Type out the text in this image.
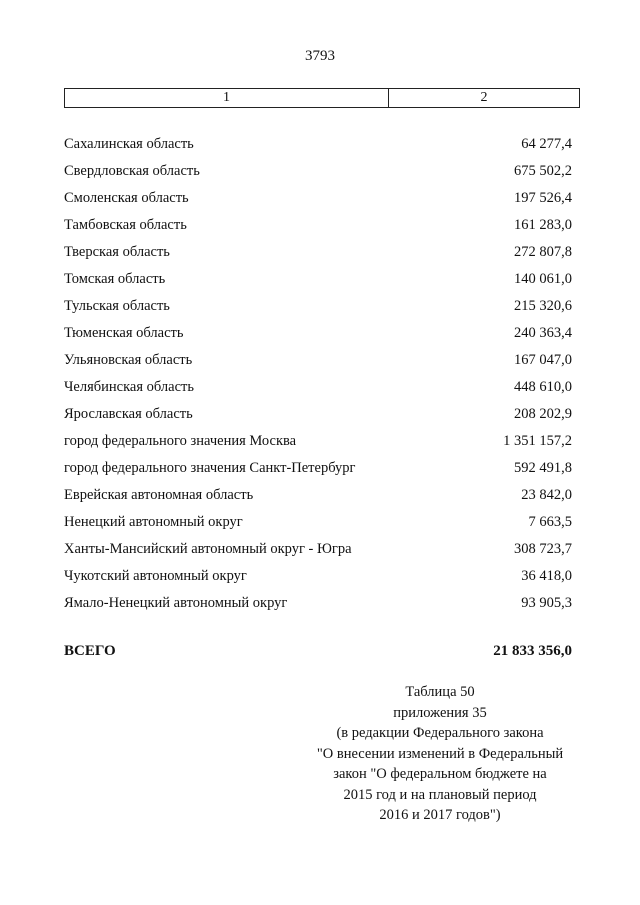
3793
1	2
Сахалинская область	64 277,4
Свердловская область	675 502,2
Смоленская область	197 526,4
Тамбовская область	161 283,0
Тверская область	272 807,8
Томская область	140 061,0
Тульская область	215 320,6
Тюменская область	240 363,4
Ульяновская область	167 047,0
Челябинская область	448 610,0
Ярославская область	208 202,9
город федерального значения Москва	1 351 157,2
город федерального значения Санкт-Петербург	592 491,8
Еврейская автономная область	23 842,0
Ненецкий автономный округ	7 663,5
Ханты-Мансийский автономный округ - Югра	308 723,7
Чукотский автономный округ	36 418,0
Ямало-Ненецкий автономный округ	93 905,3
ВСЕГО	21 833 356,0
Таблица 50
приложения 35
(в редакции Федерального закона
"О внесении изменений в Федеральный
закон "О федеральном бюджете на
2015 год и на плановый период
2016 и 2017 годов")
